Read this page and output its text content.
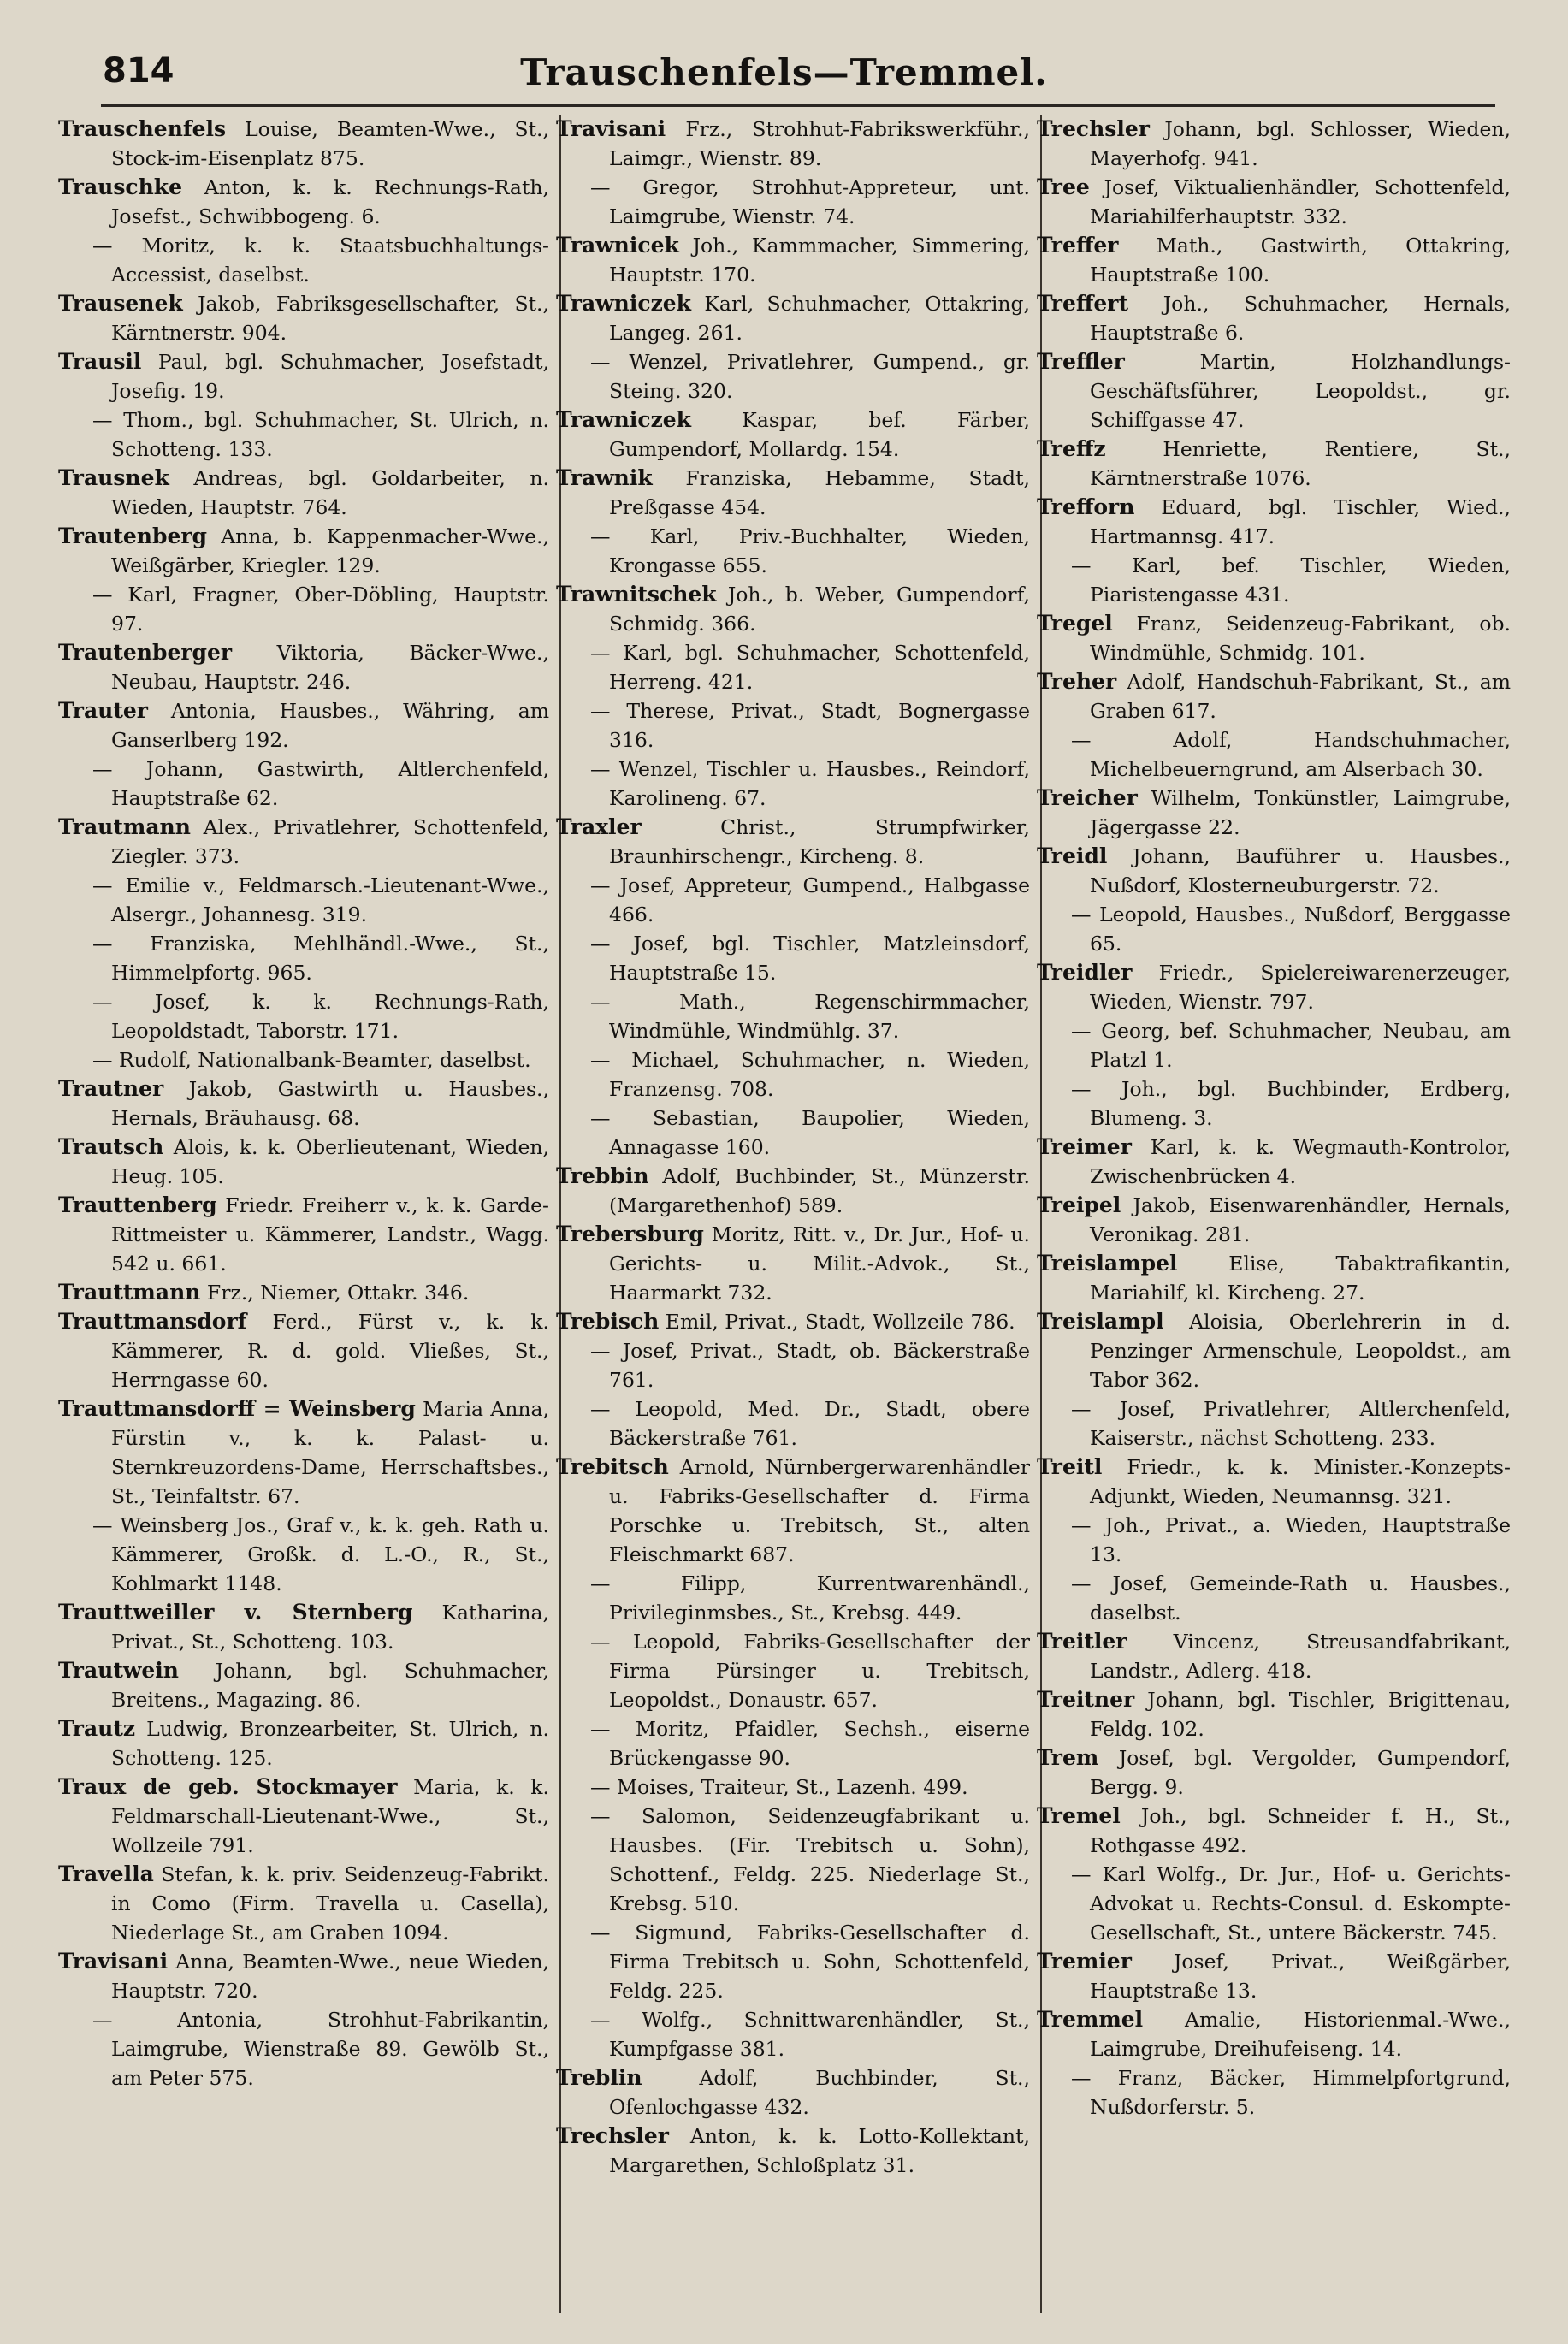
814	Trauschenfels—Tremmel.
Trauschenfels Louise, Beamten-Wwe., St., Stock-im-Eisenplatz 875.
Trauschke Anton, k. k. Rechnungs-Rath, Josefst., Schwibbogeng. 6.
— Moritz, k. k. Staatsbuchhaltungs-Accessist, daselbst.
Trausenek Jakob, Fabriksgesellschafter, St., Kärntnerstr. 904.
Trausil Paul, bgl. Schuhmacher, Josefstadt, Josefig. 19.
— Thom., bgl. Schuhmacher, St. Ulrich, n. Schotteng. 133.
Trausnek Andreas, bgl. Goldarbeiter, n. Wieden, Hauptstr. 764.
Trautenberg Anna, b. Kappenmacher-Wwe., Weißgärber, Kriegler. 129.
— Karl, Fragner, Ober-Döbling, Hauptstr. 97.
Trautenberger Viktoria, Bäcker-Wwe., Neubau, Hauptstr. 246.
Trauter Antonia, Hausbes., Währing, am Ganserlberg 192.
— Johann, Gastwirth, Altlerchenfeld, Hauptstraße 62.
Trautmann Alex., Privatlehrer, Schottenfeld, Ziegler. 373.
— Emilie v., Feldmarsch.-Lieutenant-Wwe., Alsergr., Johannesg. 319.
— Franziska, Mehlhändl.-Wwe., St., Himmelpfortg. 965.
— Josef, k. k. Rechnungs-Rath, Leopoldstadt, Taborstr. 171.
— Rudolf, Nationalbank-Beamter, daselbst.
Trautner Jakob, Gastwirth u. Hausbes., Hernals, Bräuhausg. 68.
Trautsch Alois, k. k. Oberlieutenant, Wieden, Heug. 105.
Trauttenberg Friedr. Freiherr v., k. k. Garde-Rittmeister u. Kämmerer, Landstr., Wagg. 542 u. 661.
Trauttmann Frz., Niemer, Ottakr. 346.
Trauttmansdorf Ferd., Fürst v., k. k. Kämmerer, R. d. gold. Vließes, St., Herrngasse 60.
Trauttmansdorff = Weinsberg Maria Anna, Fürstin v., k. k. Palast- u. Sternkreuzordens-Dame, Herrschaftsbes., St., Teinfaltstr. 67.
— Weinsberg Jos., Graf v., k. k. geh. Rath u. Kämmerer, Großk. d. L.-O., R., St., Kohlmarkt 1148.
Trauttweiller v. Sternberg Katharina, Privat., St., Schotteng. 103.
Trautwein Johann, bgl. Schuhmacher, Breitens., Magazing. 86.
Trautz Ludwig, Bronzearbeiter, St. Ulrich, n. Schotteng. 125.
Traux de geb. Stockmayer Maria, k. k. Feldmarschall-Lieutenant-Wwe., St., Wollzeile 791.
Travella Stefan, k. k. priv. Seidenzeug-Fabrikt. in Como (Firm. Travella u. Casella), Niederlage St., am Graben 1094.
Travisani Anna, Beamten-Wwe., neue Wieden, Hauptstr. 720.
— Antonia, Strohhut-Fabrikantin, Laimgrube, Wienstraße 89. Gewölb St., am Peter 575.
Travisani Frz., Strohhut-Fabrikswerkführ., Laimgr., Wienstr. 89.
— Gregor, Strohhut-Appreteur, unt. Laimgrube, Wienstr. 74.
Trawnicek Joh., Kammmacher, Simmering, Hauptstr. 170.
Trawniczek Karl, Schuhmacher, Ottakring, Langeg. 261.
— Wenzel, Privatlehrer, Gumpend., gr. Steing. 320.
Trawniczek	Kaspar, bef. Färber, Gumpendorf, Mollardg. 154.
Trawnik Franziska, Hebamme, Stadt, Preßgasse 454.
— Karl, Priv.-Buchhalter, Wieden, Krongasse 655.
Trawnitschek Joh., b. Weber, Gumpendorf, Schmidg. 366.
— Karl, bgl. Schuhmacher, Schottenfeld, Herreng. 421.
— Therese, Privat., Stadt, Bognergasse 316.
— Wenzel, Tischler u. Hausbes., Reindorf, Karolineng. 67.
Traxler	Christ., Strumpfwirker, Braunhirschengr., Kircheng. 8.
— Josef, Appreteur, Gumpend., Halbgasse 466.
— Josef, bgl. Tischler, Matzleinsdorf, Hauptstraße 15.
— Math., Regenschirmmacher, Windmühle, Windmühlg. 37.
— Michael, Schuhmacher, n. Wieden, Franzensg. 708.
— Sebastian, Baupolier, Wieden, Annagasse 160.
Trebbin Adolf, Buchbinder, St., Münzerstr. (Margarethenhof) 589.
Trebersburg Moritz, Ritt. v., Dr. Jur., Hof- u. Gerichts- u. Milit.-Advok., St., Haarmarkt 732.
Trebisch Emil, Privat., Stadt, Wollzeile 786.
— Josef, Privat., Stadt, ob. Bäckerstraße 761.
— Leopold, Med. Dr., Stadt, obere Bäckerstraße 761.
Trebitsch Arnold, Nürnbergerwarenhändler u. Fabriks-Gesellschafter d. Firma Porschke u. Trebitsch, St., alten Fleischmarkt 687.
— Filipp, Kurrentwarenhändl., Privileginmsbes., St., Krebsg. 449.
— Leopold, Fabriks-Gesellschafter der Firma Pürsinger u. Trebitsch, Leopoldst., Donaustr. 657.
— Moritz, Pfaidler, Sechsh., eiserne Brückengasse 90.
— Moises, Traiteur, St., Lazenh. 499.
— Salomon, Seidenzeugfabrikant u. Hausbes. (Fir. Trebitsch u. Sohn), Schottenf., Feldg. 225. Niederlage St., Krebsg. 510.
— Sigmund, Fabriks-Gesellschafter d. Firma Trebitsch u. Sohn, Schottenfeld, Feldg. 225.
— Wolfg., Schnittwarenhändler, St., Kumpfgasse 381.
Treblin	Adolf, Buchbinder, St., Ofenlochgasse 432.
Trechsler Anton, k. k. Lotto-Kollektant, Margarethen, Schloßplatz 31.
Trechsler Johann, bgl. Schlosser, Wieden, Mayerhofg. 941.
Tree Josef, Viktualienhändler, Schottenfeld, Mariahilferhauptstr. 332.
Treffer Math., Gastwirth, Ottakring, Hauptstraße 100.
Treffert Joh., Schuhmacher, Hernals, Hauptstraße 6.
Treffler	Martin, Holzhandlungs-Geschäftsführer, Leopoldst., gr. Schiffgasse 47.
Treffz	Henriette, Rentiere, St., Kärntnerstraße 1076.
Trefforn Eduard, bgl. Tischler, Wied., Hartmannsg. 417.
— Karl, bef. Tischler, Wieden, Piaristengasse 431.
Tregel Franz, Seidenzeug-Fabrikant, ob. Windmühle, Schmidg. 101.
Treher Adolf, Handschuh-Fabrikant, St., am Graben 617.
— Adolf, Handschuhmacher, Michelbeuerngrund, am Alserbach 30.
Treicher Wilhelm, Tonkünstler, Laimgrube, Jägergasse 22.
Treidl Johann, Bauführer u. Hausbes., Nußdorf, Klosterneuburgerstr. 72.
— Leopold, Hausbes., Nußdorf, Berggasse 65.
Treidler Friedr., Spielereiwarenerzeuger, Wieden, Wienstr. 797.
— Georg, bef. Schuhmacher, Neubau, am Platzl 1.
— Joh., bgl. Buchbinder, Erdberg, Blumeng. 3.
Treimer Karl, k. k. Wegmauth-Kontrolor, Zwischenbrücken 4.
Treipel Jakob, Eisenwarenhändler, Hernals, Veronikag. 281.
Treislampel	Elise, Tabaktrafikantin, Mariahilf, kl. Kircheng. 27.
Treislampl Aloisia, Oberlehrerin in d. Penzinger Armenschule, Leopoldst., am Tabor 362.
— Josef, Privatlehrer, Altlerchenfeld, Kaiserstr., nächst Schotteng. 233.
Treitl Friedr., k. k. Minister.-Konzepts-Adjunkt, Wieden, Neumannsg. 321.
— Joh., Privat., a. Wieden, Hauptstraße 13.
— Josef, Gemeinde-Rath u. Hausbes., daselbst.
Treitler Vincenz, Streusandfabrikant, Landstr., Adlerg. 418.
Treitner Johann, bgl. Tischler, Brigittenau, Feldg. 102.
Trem Josef, bgl. Vergolder, Gumpendorf, Bergg. 9.
Tremel Joh., bgl. Schneider f. H., St., Rothgasse 492.
— Karl Wolfg., Dr. Jur., Hof- u. Gerichts-Advokat u. Rechts-Consul. d. Eskompte-Gesellschaft, St., untere Bäckerstr. 745.
Tremier Josef, Privat., Weißgärber, Hauptstraße 13.
Tremmel Amalie, Historienmal.-Wwe., Laimgrube, Dreihufeiseng. 14.
— Franz, Bäcker, Himmelpfortgrund, Nußdorferstr. 5.
